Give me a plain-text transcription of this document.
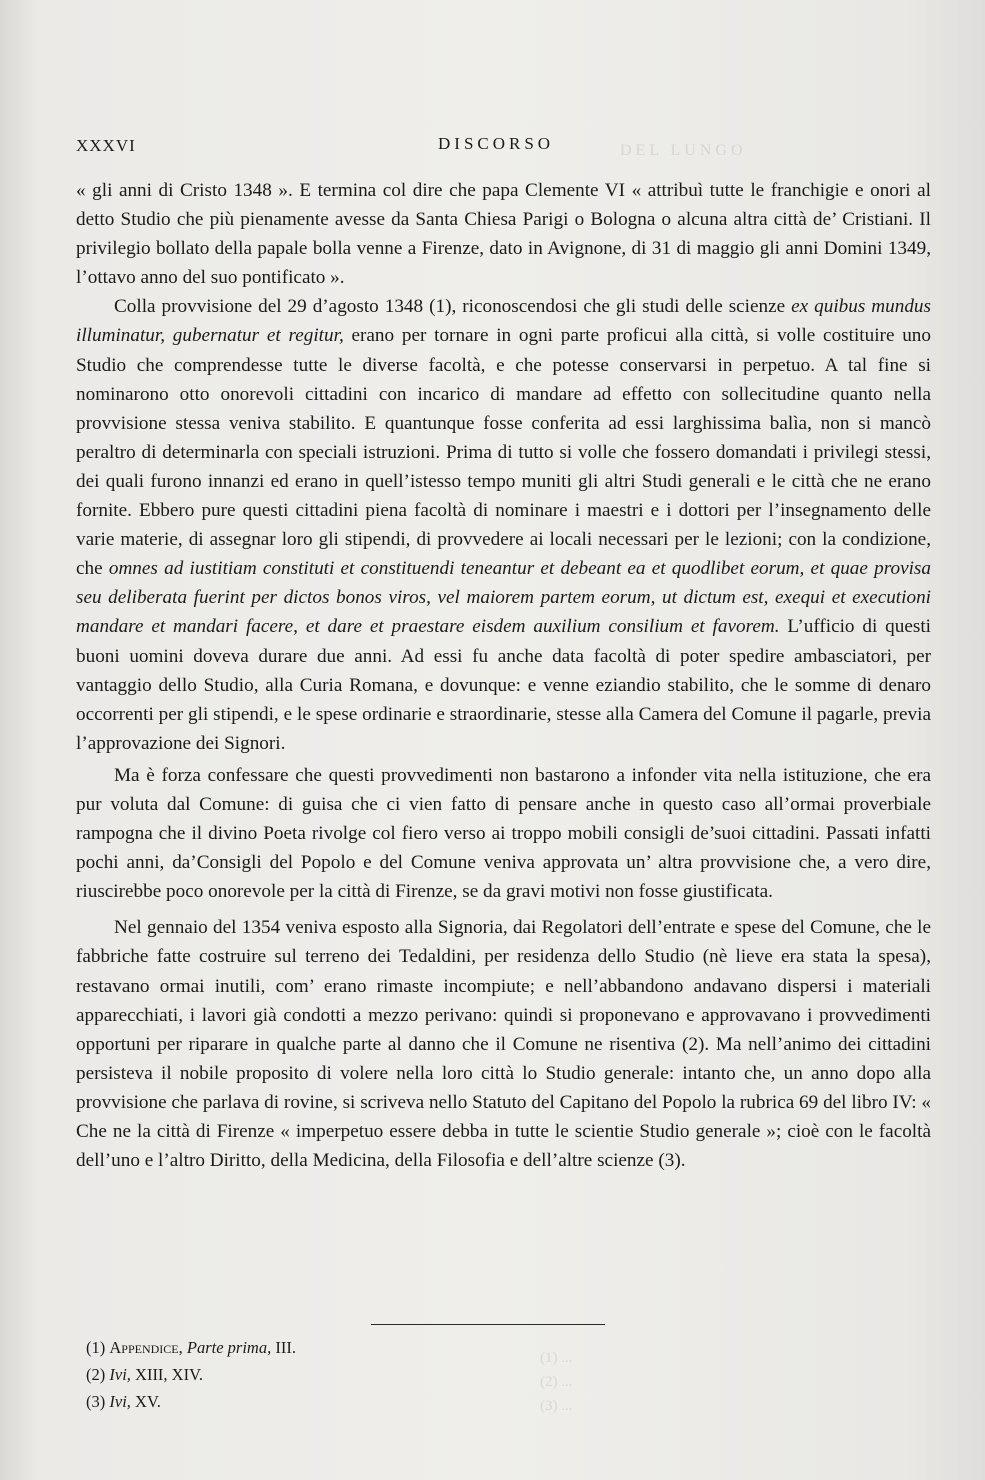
DEL LUNGO
(1) ...
(2) ...
(3) ...
XXXVI	DISCORSO

« gli anni di Cristo 1348 ». E termina col dire che papa Clemente VI « attribuì tutte le franchigie e onori al detto Studio che più pienamente avesse da Santa Chiesa Parigi o Bologna o alcuna altra città de’ Cristiani. Il privilegio bollato della papale bolla venne a Firenze, dato in Avignone, di 31 di maggio gli anni Domini 1349, l’ottavo anno del suo pontificato ».

Colla provvisione del 29 d’agosto 1348 (1), riconoscendosi che gli studi delle scienze ex quibus mundus illuminatur, gubernatur et regitur, erano per tornare in ogni parte proficui alla città, si volle costituire uno Studio che comprendesse tutte le diverse facoltà, e che potesse conservarsi in perpetuo. A tal fine si nominarono otto onorevoli cittadini con incarico di mandare ad effetto con sollecitudine quanto nella provvisione stessa veniva stabilito. E quantunque fosse conferita ad essi larghissima balìa, non si mancò peraltro di determinarla con speciali istruzioni. Prima di tutto si volle che fossero domandati i privilegi stessi, dei quali furono innanzi ed erano in quell’istesso tempo muniti gli altri Studi generali e le città che ne erano fornite. Ebbero pure questi cittadini piena facoltà di nominare i maestri e i dottori per l’insegnamento delle varie materie, di assegnar loro gli stipendi, di provvedere ai locali necessari per le lezioni; con la condizione, che omnes ad iustitiam constituti et constituendi teneantur et debeant ea et quodlibet eorum, et quae provisa seu deliberata fuerint per dictos bonos viros, vel maiorem partem eorum, ut dictum est, exequi et executioni mandare et mandari facere, et dare et praestare eisdem auxilium consilium et favorem. L’ufficio di questi buoni uomini doveva durare due anni. Ad essi fu anche data facoltà di poter spedire ambasciatori, per vantaggio dello Studio, alla Curia Romana, e dovunque: e venne eziandio stabilito, che le somme di denaro occorrenti per gli stipendi, e le spese ordinarie e straordinarie, stesse alla Camera del Comune il pagarle, previa l’approvazione dei Signori.

Ma è forza confessare che questi provvedimenti non bastarono a infonder vita nella istituzione, che era pur voluta dal Comune: di guisa che ci vien fatto di pensare anche in questo caso all’ormai proverbiale rampogna che il divino Poeta rivolge col fiero verso ai troppo mobili consigli de’suoi cittadini. Passati infatti pochi anni, da’Consigli del Popolo e del Comune veniva approvata un’ altra provvisione che, a vero dire, riuscirebbe poco onorevole per la città di Firenze, se da gravi motivi non fosse giustificata.

Nel gennaio del 1354 veniva esposto alla Signoria, dai Regolatori dell’entrate e spese del Comune, che le fabbriche fatte costruire sul terreno dei Tedaldini, per residenza dello Studio (nè lieve era stata la spesa), restavano ormai inutili, com’ erano rimaste incompiute; e nell’abbandono andavano dispersi i materiali apparecchiati, i lavori già condotti a mezzo perivano: quindi si proponevano e approvavano i provvedimenti opportuni per riparare in qualche parte al danno che il Comune ne risentiva (2). Ma nell’animo dei cittadini persisteva il nobile proposito di volere nella loro città lo Studio generale: intanto che, un anno dopo alla provvisione che parlava di rovine, si scriveva nello Statuto del Capitano del Popolo la rubrica 69 del libro IV: « Che ne la città di Firenze « imperpetuo essere debba in tutte le scientie Studio generale »; cioè con le facoltà dell’uno e l’altro Diritto, della Medicina, della Filosofia e dell’altre scienze (3).

(1) Appendice, Parte prima, III.
(2) Ivi, XIII, XIV.
(3) Ivi, XV.
